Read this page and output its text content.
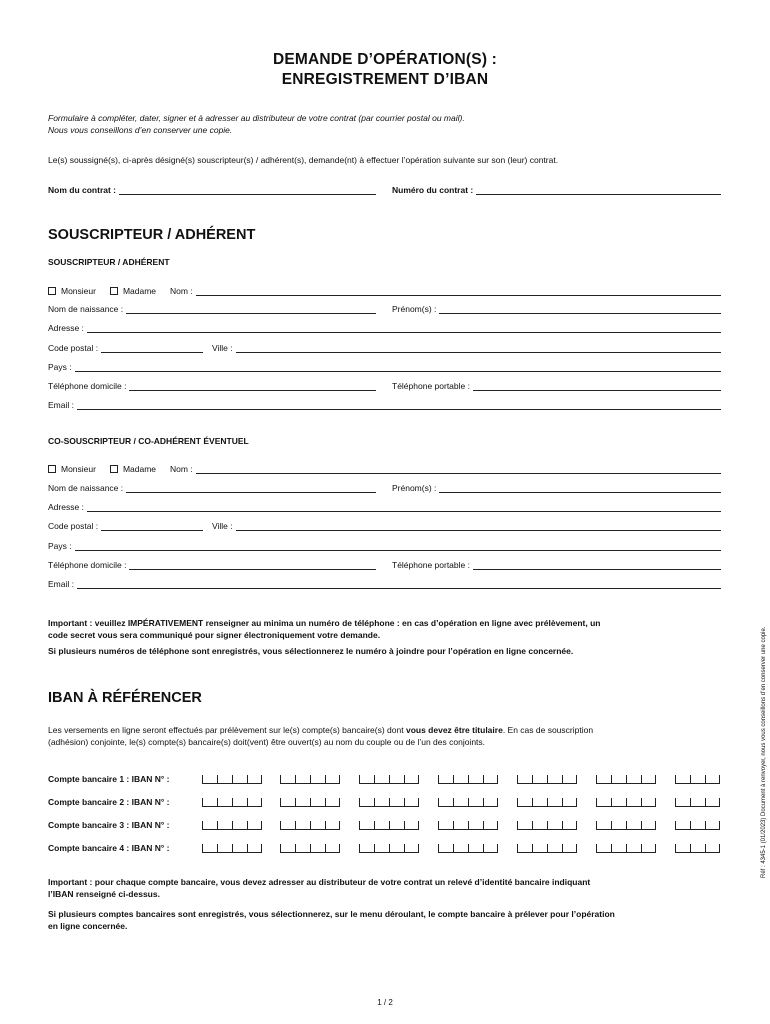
DEMANDE D’OPÉRATION(S) :
ENREGISTREMENT D’IBAN
Formulaire à compléter, dater, signer et à adresser au distributeur de votre contrat (par courrier postal ou mail).
Nous vous conseillons d’en conserver une copie.
Le(s) soussigné(s), ci-après désigné(s) souscripteur(s) / adhérent(s), demande(nt) à effectuer l’opération suivante sur son (leur) contrat.
Nom du contrat :	Numéro du contrat :
SOUSCRIPTEUR / ADHÉRENT
SOUSCRIPTEUR / ADHÉRENT
Monsieur	Madame Nom :
Nom de naissance :	Prénom(s) :
Adresse :
Code postal :	Ville :
Pays :
Téléphone domicile :	Téléphone portable :
Email :
CO-SOUSCRIPTEUR / CO-ADHÉRENT ÉVENTUEL
Monsieur	Madame Nom :
Nom de naissance :	Prénom(s) :
Adresse :
Code postal :	Ville :
Pays :
Téléphone domicile :	Téléphone portable :
Email :
Important : veuillez IMPÉRATIVEMENT renseigner au minima un numéro de téléphone : en cas d’opération en ligne avec prélèvement, un
code secret vous sera communiqué pour signer électroniquement votre demande.
Si plusieurs numéros de téléphone sont enregistrés, vous sélectionnerez le numéro à joindre pour l’opération en ligne concernée.
IBAN À RÉFÉRENCER
Les versements en ligne seront effectués par prélèvement sur le(s) compte(s) bancaire(s) dont vous devez être titulaire. En cas de souscription
(adhésion) conjointe, le(s) compte(s) bancaire(s) doit(vent) être ouvert(s) au nom du couple ou de l’un des conjoints.
Compte bancaire 1 : IBAN N° :
Compte bancaire 2 : IBAN N° :
Compte bancaire 3 : IBAN N° :
Compte bancaire 4 : IBAN N° :
Important : pour chaque compte bancaire, vous devez adresser au distributeur de votre contrat un relevé d’identité bancaire indiquant
l’IBAN renseigné ci-dessus.
Si plusieurs comptes bancaires sont enregistrés, vous sélectionnerez, sur le menu déroulant, le compte bancaire à prélever pour l’opération
en ligne concernée.
Réf : 4345-1 (01/2023) Document à renvoyer, nous vous conseillons d’en conserver une copie.
1 / 2
